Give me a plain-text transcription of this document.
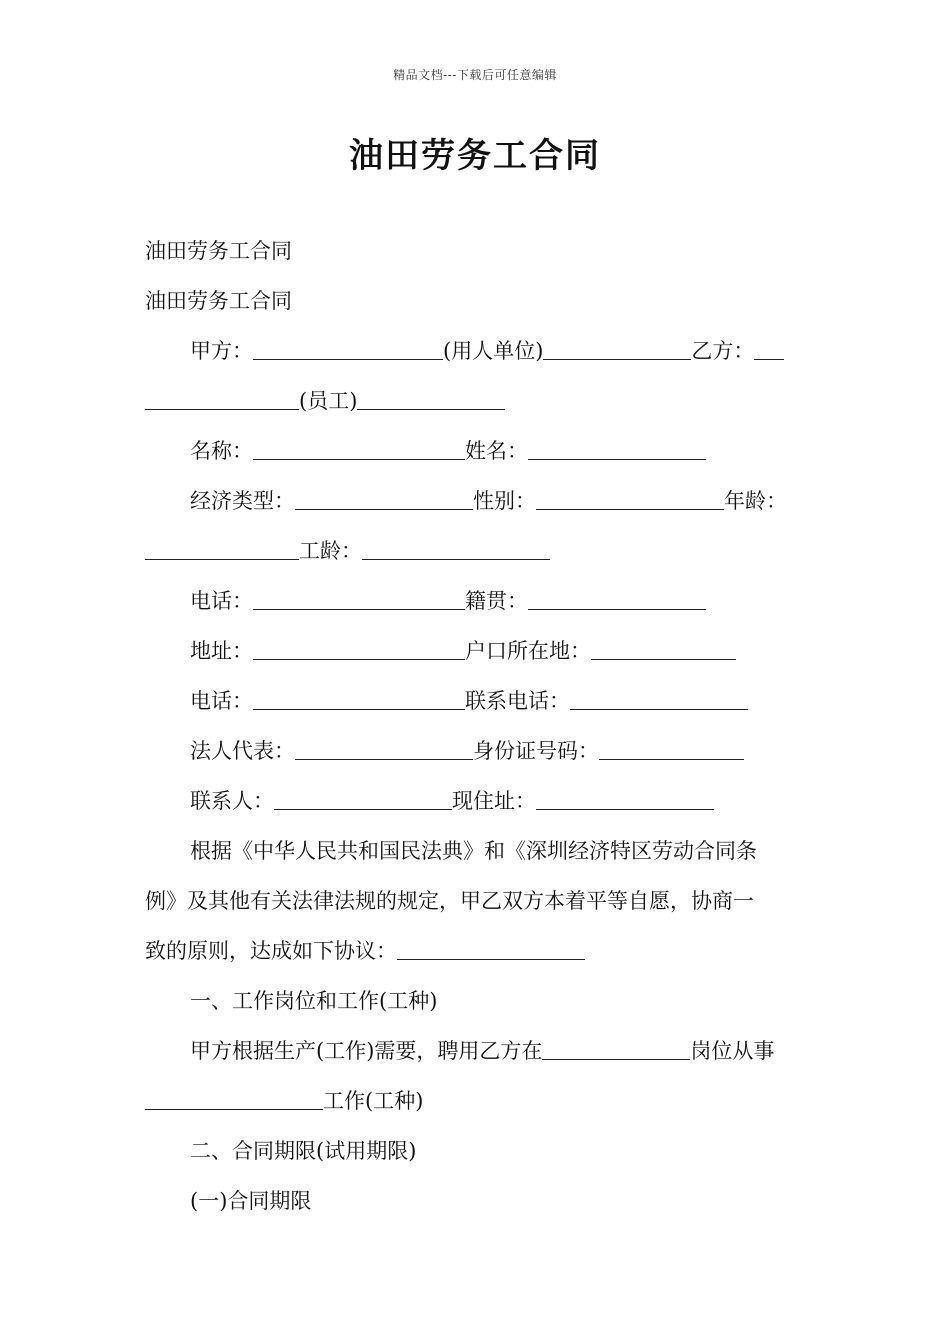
精品文档---下载后可任意编辑
油田劳务工合同
油田劳务工合同
油田劳务工合同
甲方：	(用人单位)	乙方：
(员工)
名称：	姓名：
经济类型：	性别：	年龄：
工龄：
电话：	籍贯：
地址：	户口所在地：
电话：	联系电话：
法人代表：	身份证号码：
联系人：	现住址：
根据《中华人民共和国民法典》和《深圳经济特区劳动合同条
例》及其他有关法律法规的规定，甲乙双方本着平等自愿，协商一
致的原则，达成如下协议：
一、工作岗位和工作(工种)
甲方根据生产(工作)需要，聘用乙方在	岗位从事
工作(工种)
二、合同期限(试用期限)
(一)合同期限
